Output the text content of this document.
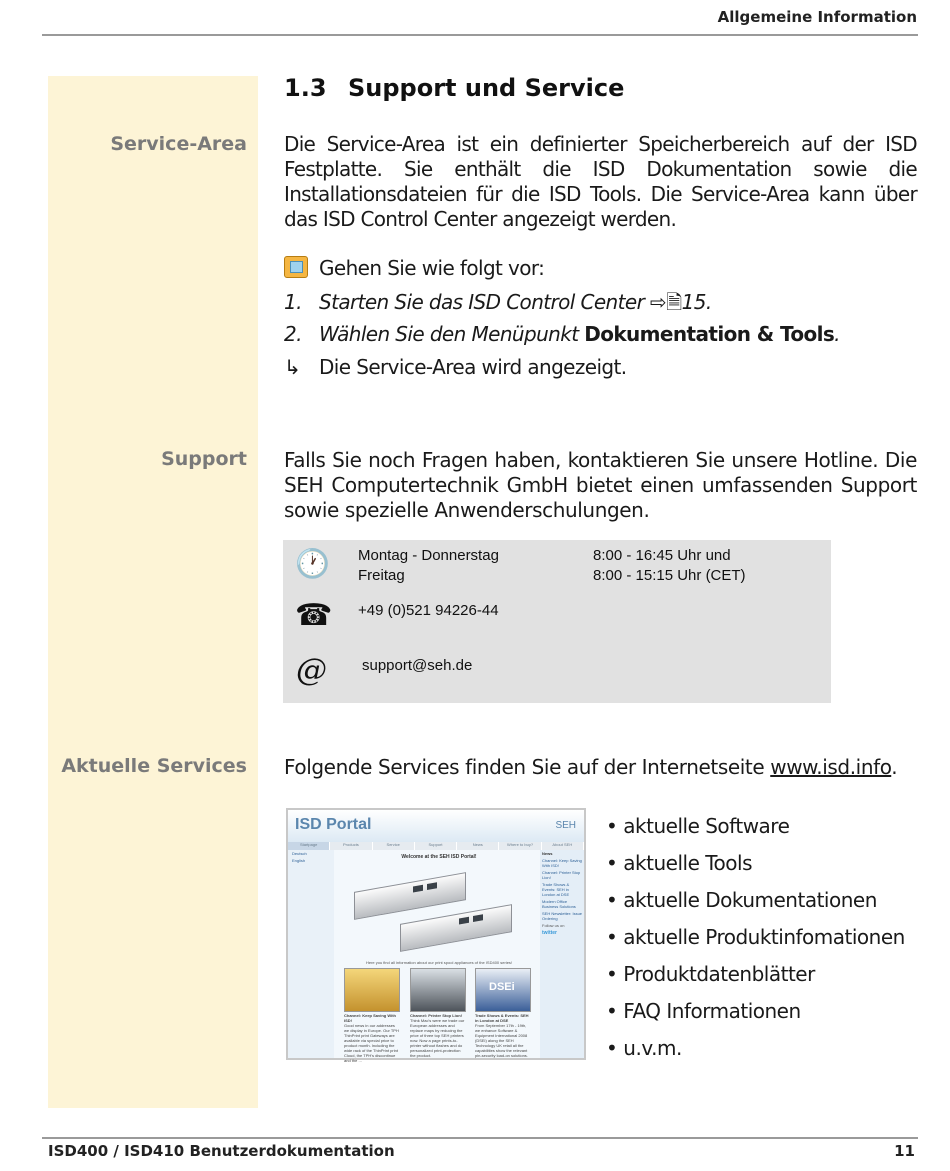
Allgemeine Information
Service-Area
Support
Aktuelle Services
1.3 Support und Service
Die Service-Area ist ein definierter Speicherbereich auf der ISD Festplatte. Sie enthält die ISD Dokumentation sowie die Installationsdateien für die ISD Tools. Die Service-Area kann über das ISD Control Center angezeigt werden.
Gehen Sie wie folgt vor:
1. Starten Sie das ISD Control Center ⇨🗎15.
2. Wählen Sie den Menüpunkt Dokumentation & Tools.
↳ Die Service-Area wird angezeigt.
Falls Sie noch Fragen haben, kontaktieren Sie unsere Hotline. Die SEH Computertechnik GmbH bietet einen umfassenden Support sowie spezielle Anwenderschulungen.
🕐 Montag - Donnerstag	8:00 - 16:45 Uhr und
Freitag	8:00 - 15:15 Uhr (CET)
☎ +49 (0)521 94226-44
@ support@seh.de
Folgende Services finden Sie auf der Internetseite www.isd.info.
ISD Portal	SEH
Startpage	Products	Service	Support	News	Where to buy?	About SEH
Deutsch
English
News
Channel: Keep Saving With ISD!
Channel: Printer Stop Lion!
Trade Shows & Events: SEH in London at DSE
Modern Office Business Solutions
SEH Newsletter: Issue Ordering
Follow us on
twitter
Welcome at the SEH ISD Portal!
Here you find all information about our print spool appliances of the ISD400 series!
DSEi
Channel: Keep Saving With ISD!
Good news in our addresses we display in Europe. Our TPH ThinPrint print Gateways are available via special price to product month. Including the wide rack of the ThinPrint print Cloud, the TPH's discontinue and the ...
Channel: Printer Stop Lion!
Think Mac's were we trade our European addresses and replace maps by reducing the price of three top SEH printers now. Now a page prints-to-printer without flashes and do personalized print-protection the product.
Trade Shows & Events: SEH in London at DSE
From September 17th - 19th, we enhance Software & Equipment International 2008 (DSEi) along the SEH Technology UK retail all the capabilities show the relevant pin-security load-on solutions.
• aktuelle Software
• aktuelle Tools
• aktuelle Dokumentationen
• aktuelle Produktinfomationen
• Produktdatenblätter
• FAQ Informationen
• u.v.m.
ISD400 / ISD410 Benutzerdokumentation	11
